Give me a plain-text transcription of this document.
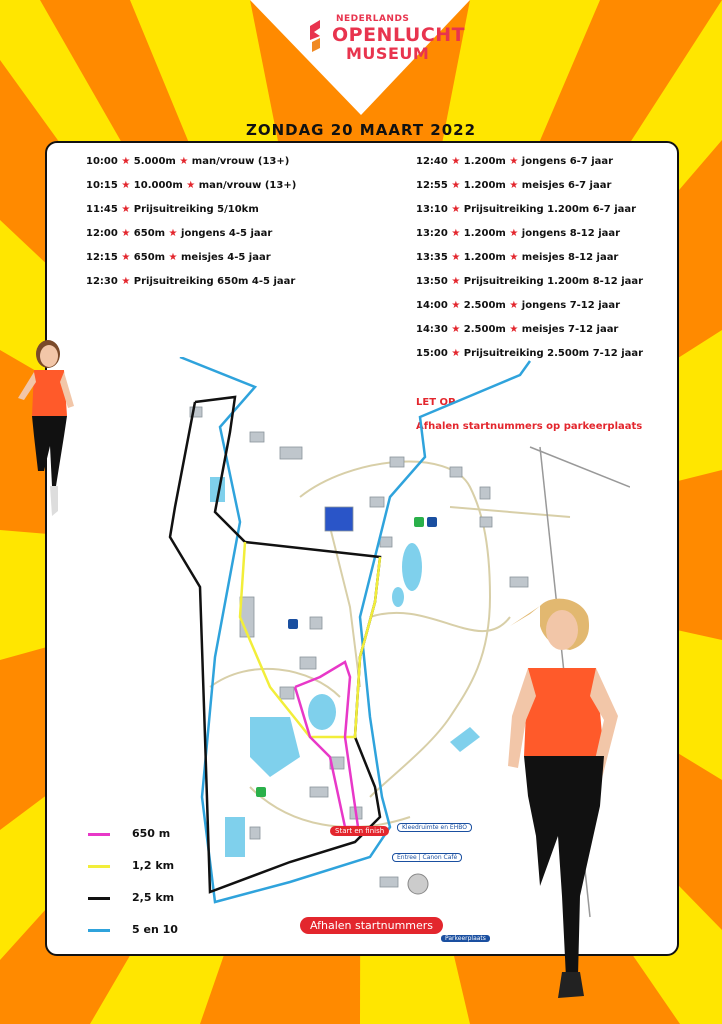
NEDERLANDS
OPENLUCHT
MUSEUM
ZONDAG 20 MAART 2022
10:00 ★ 5.000m ★ man/vrouw (13+)
10:15 ★ 10.000m ★ man/vrouw (13+)
11:45 ★ Prijsuitreiking 5/10km
12:00 ★ 650m ★ jongens 4-5 jaar
12:15 ★ 650m ★ meisjes 4-5 jaar
12:30 ★ Prijsuitreiking 650m 4-5 jaar
12:40 ★ 1.200m ★ jongens 6-7 jaar
12:55 ★ 1.200m ★ meisjes 6-7 jaar
13:10 ★ Prijsuitreiking 1.200m 6-7 jaar
13:20 ★ 1.200m ★ jongens 8-12 jaar
13:35 ★ 1.200m ★ meisjes 8-12 jaar
13:50 ★ Prijsuitreiking 1.200m 8-12 jaar
14:00 ★ 2.500m ★ jongens 7-12 jaar
14:30 ★ 2.500m ★ meisjes 7-12 jaar
15:00 ★ Prijsuitreiking 2.500m 7-12 jaar
LET OP
Afhalen startnummers op parkeerplaats
Start en finish	Kleedruimte en EHBO
Entree | Canon Café
Afhalen startnummers
Parkeerplaats
650 m
1,2 km
2,5 km
5 en 10
